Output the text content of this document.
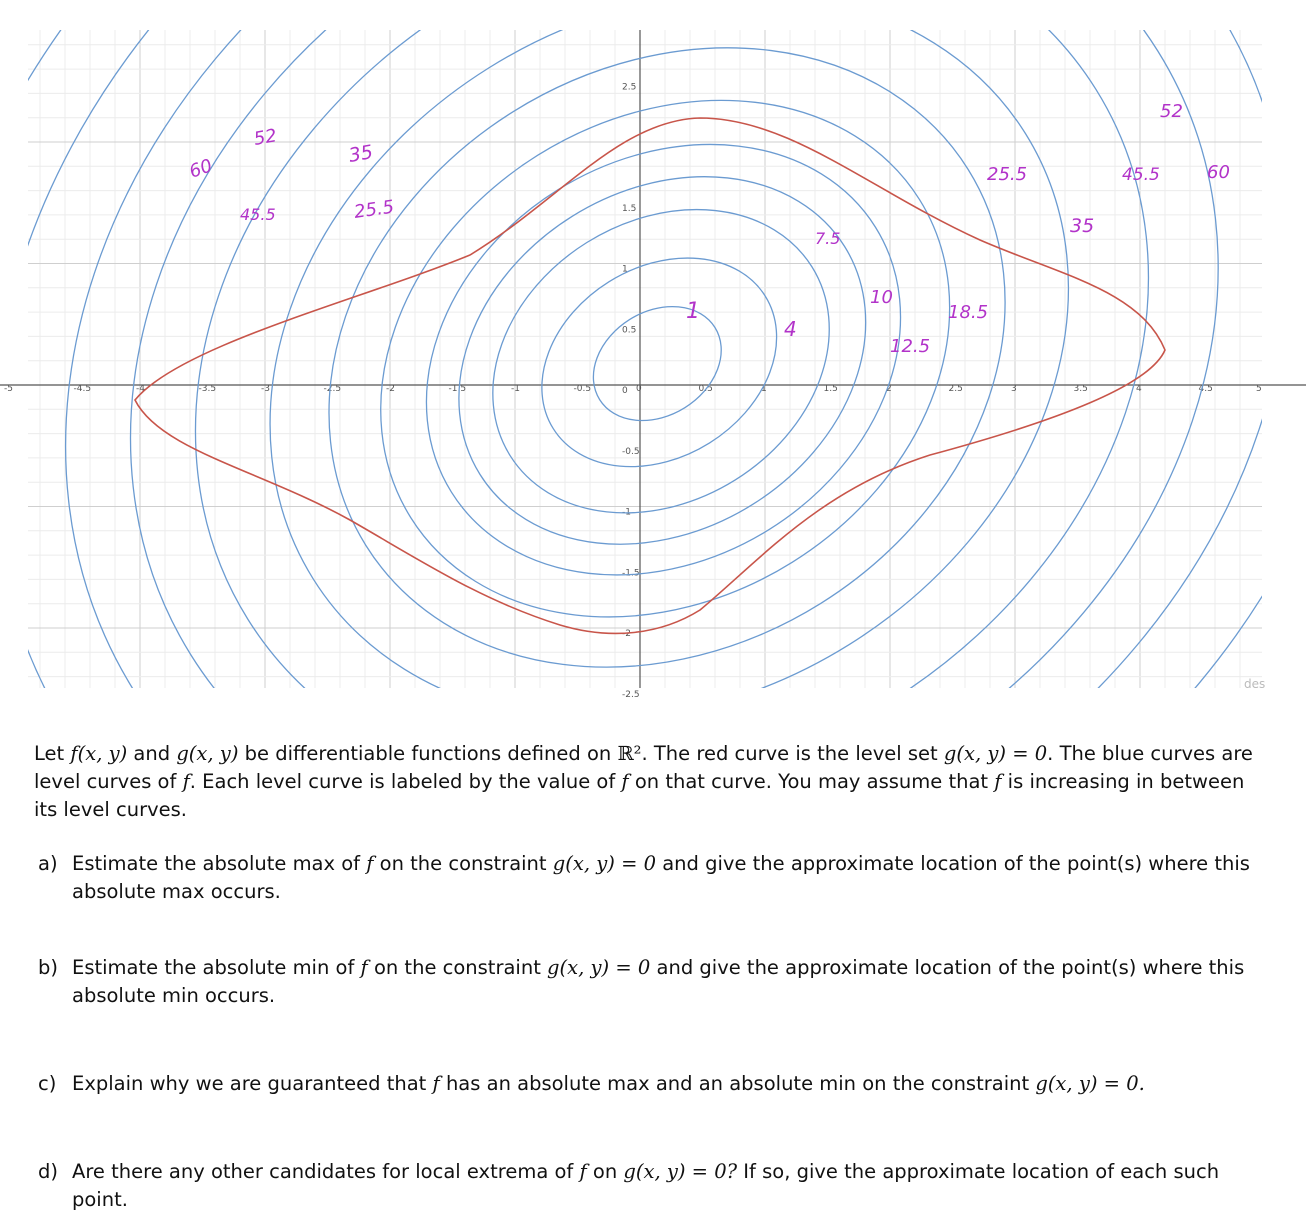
-5	-4.5	-4	-3.5	-3	-2.5	-2	-1.5	-1	-0.5	0	0.5	1	1.5	2	2.5	3	3.5	4	4.5	5
2.5
1.5
1
0.5
0
-0.5
-1
-1.5
-2
-2.5
60
52
45.5
35
25.5
1
4
7.5
10
12.5
18.5
25.5
35
45.5
52
60
des
Let f(x, y) and g(x, y) be differentiable functions defined on ℝ². The red curve is the level set g(x, y) = 0. The blue curves are level curves of f. Each level curve is labeled by the value of f on that curve. You may assume that f is increasing in between its level curves.
a) Estimate the absolute max of f on the constraint g(x, y) = 0 and give the approximate location of the point(s) where this absolute max occurs.
b) Estimate the absolute min of f on the constraint g(x, y) = 0 and give the approximate location of the point(s) where this absolute min occurs.
c) Explain why we are guaranteed that f has an absolute max and an absolute min on the constraint g(x, y) = 0.
d) Are there any other candidates for local extrema of f on g(x, y) = 0? If so, give the approximate location of each such point.
